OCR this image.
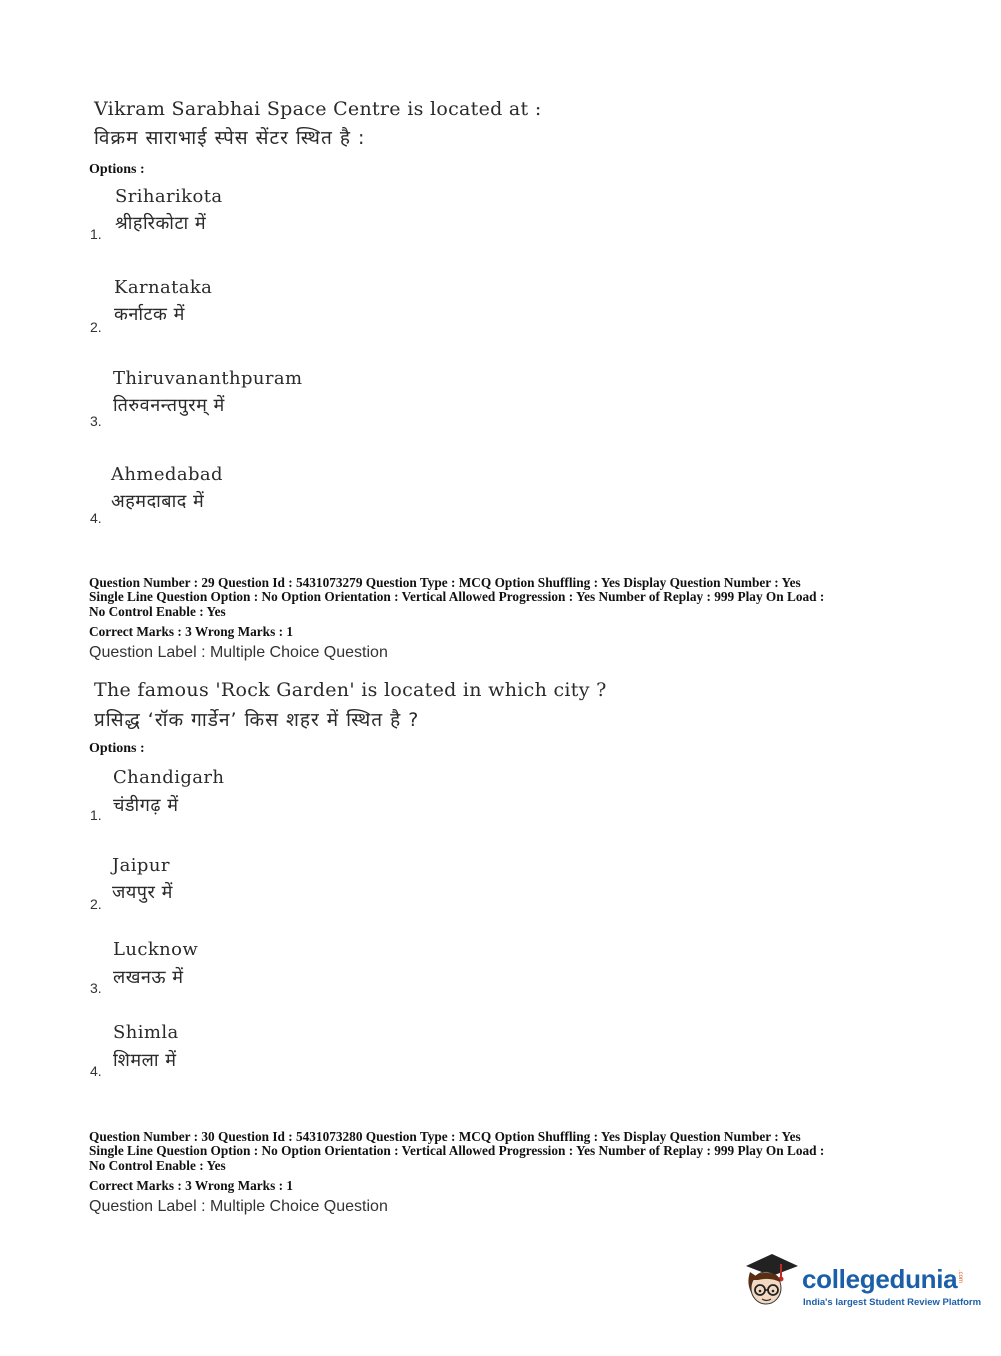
Vikram Sarabhai Space Centre is located at :
विक्रम साराभाई स्पेस सेंटर स्थित है :
Options :
Sriharikota
श्रीहरिकोटा में
1.
Karnataka
कर्नाटक में
2.
Thiruvananthpuram
तिरुवनन्तपुरम् में
3.
Ahmedabad
अहमदाबाद में
4.
Question Number : 29 Question Id : 5431073279 Question Type : MCQ Option Shuffling : Yes Display Question Number : Yes
Single Line Question Option : No Option Orientation : Vertical Allowed Progression : Yes Number of Replay : 999 Play On Load :
No Control Enable : Yes
Correct Marks : 3 Wrong Marks : 1
Question Label : Multiple Choice Question
The famous 'Rock Garden' is located in which city ?
प्रसिद्ध ‘रॉक गार्डेन’ किस शहर में स्थित है ?
Options :
Chandigarh
चंडीगढ़ में
1.
Jaipur
जयपुर में
2.
Lucknow
लखनऊ में
3.
Shimla
शिमला में
4.
Question Number : 30 Question Id : 5431073280 Question Type : MCQ Option Shuffling : Yes Display Question Number : Yes
Single Line Question Option : No Option Orientation : Vertical Allowed Progression : Yes Number of Replay : 999 Play On Load :
No Control Enable : Yes
Correct Marks : 3 Wrong Marks : 1
Question Label : Multiple Choice Question
collegedunia .com
India's largest Student Review Platform
